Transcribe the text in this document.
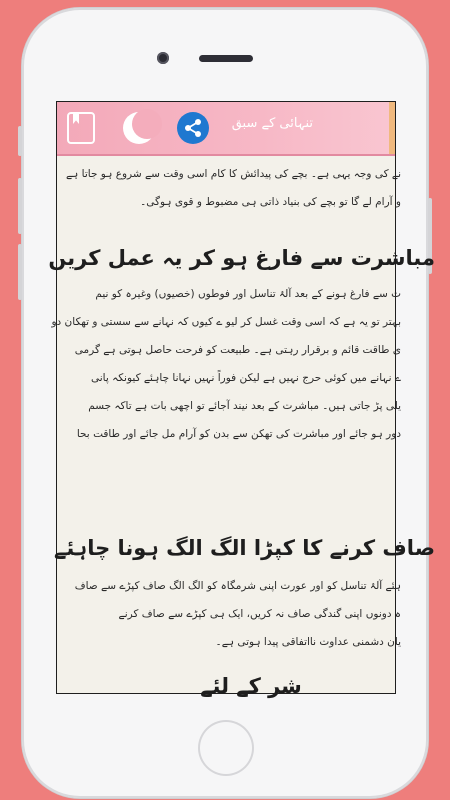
تنہائی کے سبق
نے کی وجہ یہی ہے۔ بچے کی پیدائش کا کام اسی وقت سے شروع ہو جاتا ہے
و آرام لے گا تو بچے کی بنیاد ذاتی ہی مضبوط و قوی ہوگی۔
مباشرت سے فارغ ہو کر یہ عمل کریں
ت سے فارغ ہونے کے بعد آلۂ تناسل اور فوطوں (خصیوں) وغیرہ کو نیم
بہتر تو یہ ہے کہ اسی وقت غسل کر لیو ے کیوں کہ نہانے سے سستی و تھکان دو
ی طاقت قائم و برقرار رہتی ہے۔ طبیعت کو فرحت حاصل ہوتی ہے گرمی
ے نہانے میں کوئی حرج نہیں ہے لیکن فوراً نہیں نہانا چاہئے کیونکہ پانی
یلی پڑ جاتی ہیں۔ مباشرت کے بعد نیند آجائے تو اچھی بات ہے تاکہ جسم
دور ہو جائے اور مباشرت کی تھکن سے بدن کو آرام مل جائے اور طاقت بحا
صاف کرنے کا کپڑا الگ الگ ہونا چاہئے
ہئے آلۂ تناسل کو اور عورت اپنی شرمگاہ کو الگ الگ صاف کپڑے سے صاف
ہ دونوں اپنی گندگی صاف نہ کریں، ایک ہی کپڑے سے صاف کرنے
یان دشمنی عداوت نااتفاقی پیدا ہوتی ہے۔
شر کے لئے
